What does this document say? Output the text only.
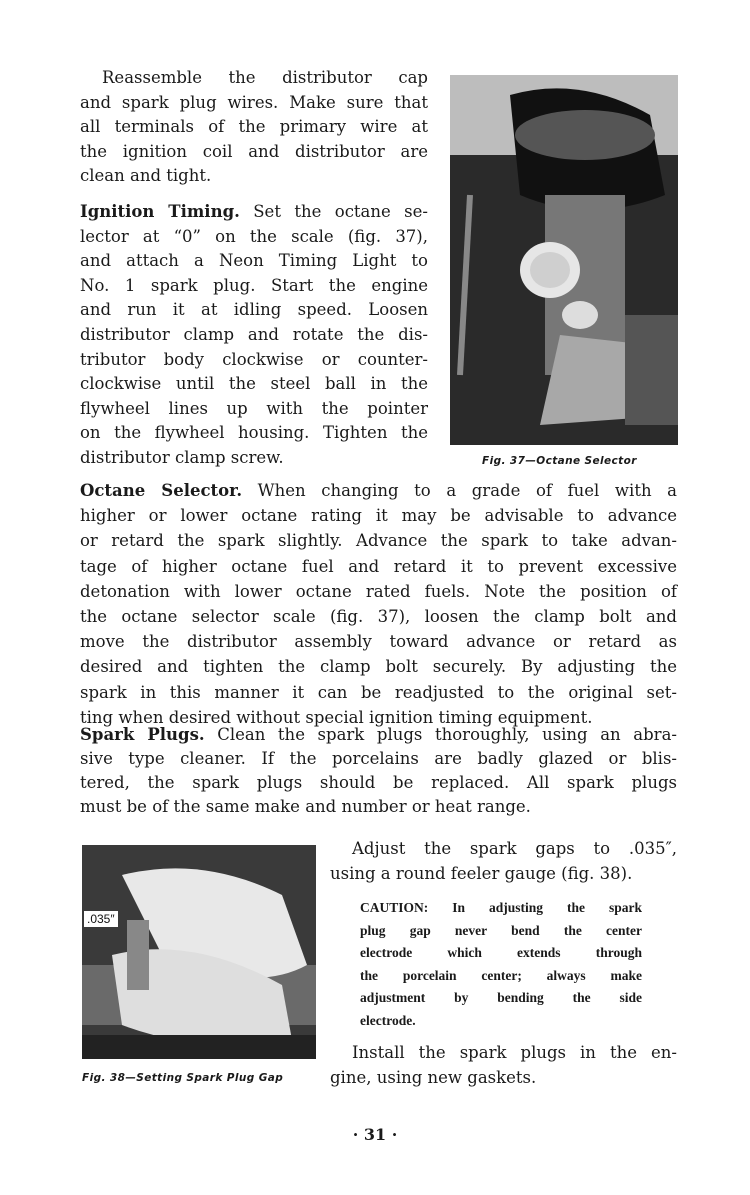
Reassemble the distributor cap
and spark plug wires. Make sure that
all terminals of the primary wire at
the ignition coil and distributor are
clean and tight.
Ignition Timing. Set the octane se-
lector at “0” on the scale (fig. 37),
and attach a Neon Timing Light to
No. 1 spark plug. Start the engine
and run it at idling speed. Loosen
distributor clamp and rotate the dis-
tributor body clockwise or counter-
clockwise until the steel ball in the
flywheel lines up with the pointer
on the flywheel housing. Tighten the
distributor clamp screw.
Octane Selector. When changing to a grade of fuel with a
higher or lower octane rating it may be advisable to advance
or retard the spark slightly. Advance the spark to take advan-
tage of higher octane fuel and retard it to prevent excessive
detonation with lower octane rated fuels. Note the position of
the octane selector scale (fig. 37), loosen the clamp bolt and
move the distributor assembly toward advance or retard as
desired and tighten the clamp bolt securely. By adjusting the
spark in this manner it can be readjusted to the original set-
ting when desired without special ignition timing equipment.
Spark Plugs. Clean the spark plugs thoroughly, using an abra-
sive type cleaner. If the porcelains are badly glazed or blis-
tered, the spark plugs should be replaced. All spark plugs
must be of the same make and number or heat range.
Adjust the spark gaps to .035″,
using a round feeler gauge (fig. 38).
CAUTION: In adjusting the spark
plug gap never bend the center
electrode which extends through
the porcelain center; always make
adjustment by bending the side
electrode.
Install the spark plugs in the en-
gine, using new gaskets.
Fig. 37—Octane Selector
.035″
Fig. 38—Setting Spark Plug Gap
· 31 ·
